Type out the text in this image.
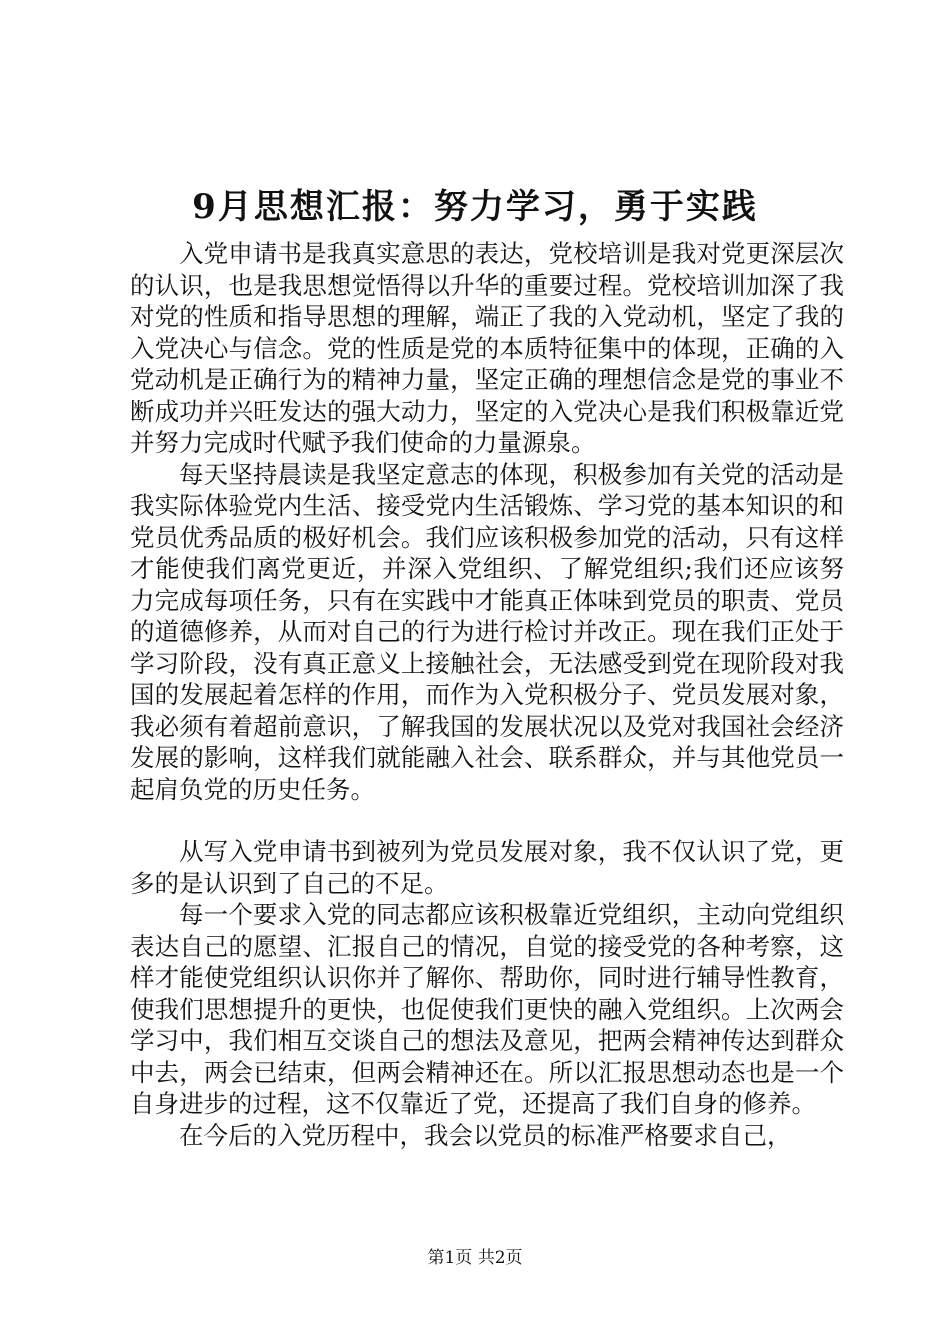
9月思想汇报：努力学习，勇于实践

入党申请书是我真实意思的表达，党校培训是我对党更深层次的认识，也是我思想觉悟得以升华的重要过程。党校培训加深了我对党的性质和指导思想的理解，端正了我的入党动机，坚定了我的入党决心与信念。党的性质是党的本质特征集中的体现，正确的入党动机是正确行为的精神力量，坚定正确的理想信念是党的事业不断成功并兴旺发达的强大动力，坚定的入党决心是我们积极靠近党并努力完成时代赋予我们使命的力量源泉。

每天坚持晨读是我坚定意志的体现，积极参加有关党的活动是我实际体验党内生活、接受党内生活锻炼、学习党的基本知识的和党员优秀品质的极好机会。我们应该积极参加党的活动，只有这样才能使我们离党更近，并深入党组织、了解党组织;我们还应该努力完成每项任务，只有在实践中才能真正体味到党员的职责、党员的道德修养，从而对自己的行为进行检讨并改正。现在我们正处于学习阶段，没有真正意义上接触社会，无法感受到党在现阶段对我国的发展起着怎样的作用，而作为入党积极分子、党员发展对象，我必须有着超前意识，了解我国的发展状况以及党对我国社会经济发展的影响，这样我们就能融入社会、联系群众，并与其他党员一起肩负党的历史任务。

从写入党申请书到被列为党员发展对象，我不仅认识了党，更多的是认识到了自己的不足。

每一个要求入党的同志都应该积极靠近党组织，主动向党组织表达自己的愿望、汇报自己的情况，自觉的接受党的各种考察，这样才能使党组织认识你并了解你、帮助你，同时进行辅导性教育，使我们思想提升的更快，也促使我们更快的融入党组织。上次两会学习中，我们相互交谈自己的想法及意见，把两会精神传达到群众中去，两会已结束，但两会精神还在。所以汇报思想动态也是一个自身进步的过程，这不仅靠近了党，还提高了我们自身的修养。

在今后的入党历程中，我会以党员的标准严格要求自己，

第1页 共2页
